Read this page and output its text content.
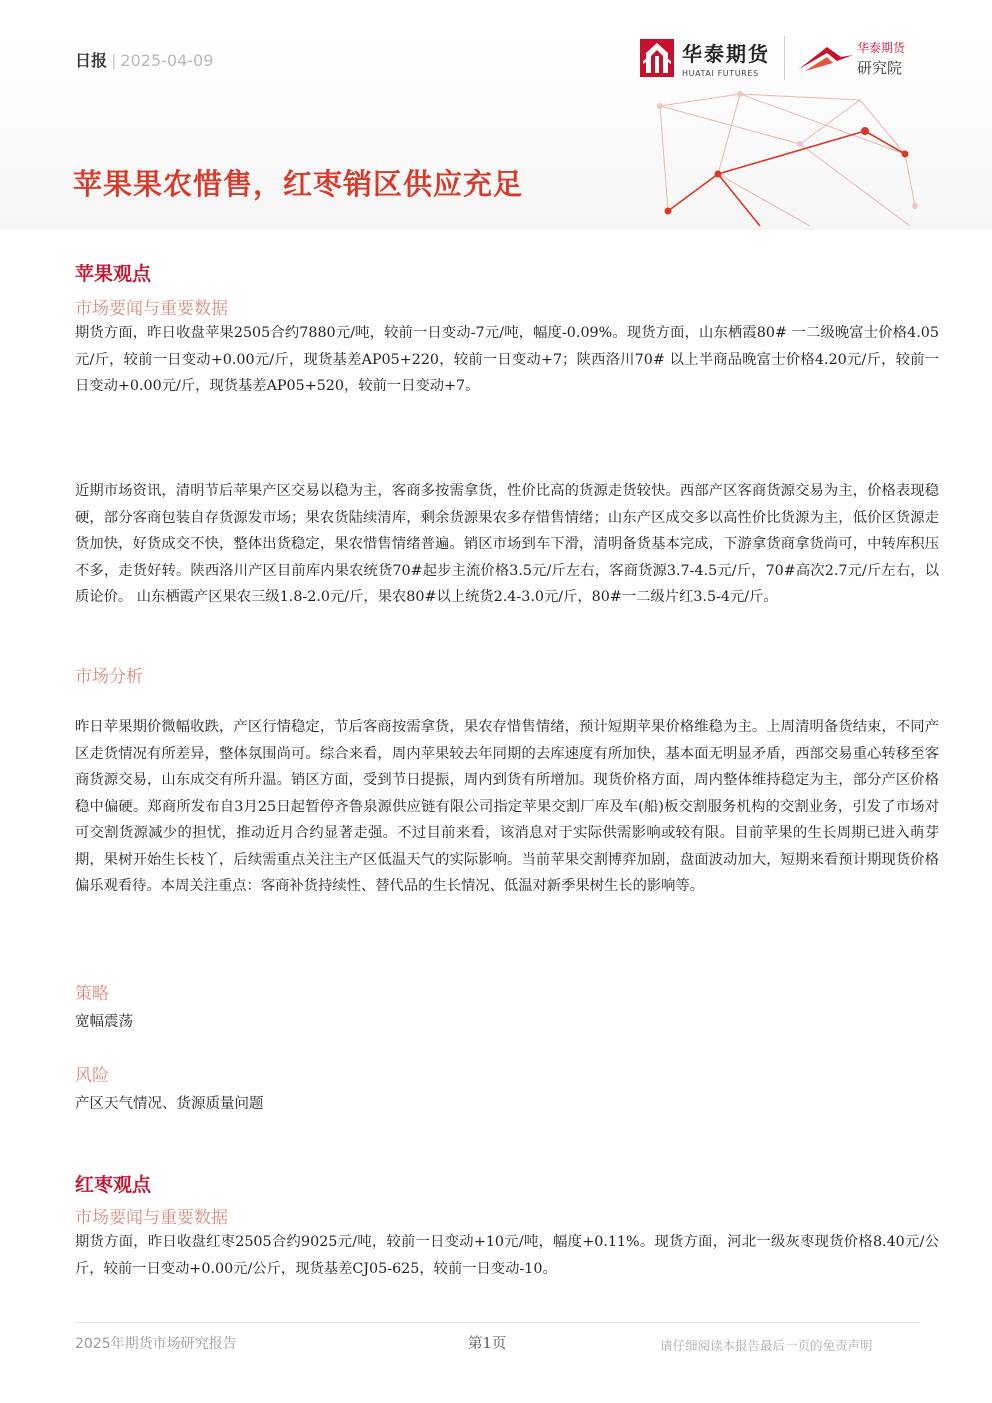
日报 | 2025-04-09	华泰期货
HUATAI FUTURES
华泰期货
研究院
苹果果农惜售，红枣销区供应充足
苹果观点
市场要闻与重要数据
期货方面，昨日收盘苹果2505合约7880元/吨，较前一日变动-7元/吨，幅度-0.09%。现货方面，山东栖霞80# 一二级晚富士价格4.05元/斤，较前一日变动+0.00元/斤，现货基差AP05+220，较前一日变动+7；陕西洛川70# 以上半商品晚富士价格4.20元/斤，较前一日变动+0.00元/斤，现货基差AP05+520，较前一日变动+7。
近期市场资讯，清明节后苹果产区交易以稳为主，客商多按需拿货，性价比高的货源走货较快。西部产区客商货源交易为主，价格表现稳硬，部分客商包装自存货源发市场；果农货陆续清库，剩余货源果农多存惜售情绪；山东产区成交多以高性价比货源为主，低价区货源走货加快，好货成交不快，整体出货稳定，果农惜售情绪普遍。销区市场到车下滑，清明备货基本完成，下游拿货商拿货尚可，中转库积压不多，走货好转。陕西洛川产区目前库内果农统货70#起步主流价格3.5元/斤左右，客商货源3.7-4.5元/斤，70#高次2.7元/斤左右，以质论价。 山东栖霞产区果农三级1.8-2.0元/斤，果农80#以上统货2.4-3.0元/斤，80#一二级片红3.5-4元/斤。
市场分析
昨日苹果期价微幅收跌，产区行情稳定，节后客商按需拿货，果农存惜售情绪，预计短期苹果价格维稳为主。上周清明备货结束，不同产区走货情况有所差异，整体氛围尚可。综合来看，周内苹果较去年同期的去库速度有所加快，基本面无明显矛盾，西部交易重心转移至客商货源交易，山东成交有所升温。销区方面，受到节日提振，周内到货有所增加。现货价格方面，周内整体维持稳定为主，部分产区价格稳中偏硬。郑商所发布自3月25日起暂停齐鲁泉源供应链有限公司指定苹果交割厂库及车(船)板交割服务机构的交割业务，引发了市场对可交割货源减少的担忧，推动近月合约显著走强。不过目前来看，该消息对于实际供需影响或较有限。目前苹果的生长周期已进入萌芽期，果树开始生长枝丫，后续需重点关注主产区低温天气的实际影响。当前苹果交割博弈加剧，盘面波动加大，短期来看预计期现货价格偏乐观看待。本周关注重点：客商补货持续性、替代品的生长情况、低温对新季果树生长的影响等。
策略
宽幅震荡
风险
产区天气情况、货源质量问题
红枣观点
市场要闻与重要数据
期货方面，昨日收盘红枣2505合约9025元/吨，较前一日变动+10元/吨，幅度+0.11%。现货方面，河北一级灰枣现货价格8.40元/公斤，较前一日变动+0.00元/公斤，现货基差CJ05-625，较前一日变动-10。
2025年期货市场研究报告	第1页	请仔细阅读本报告最后一页的免责声明
